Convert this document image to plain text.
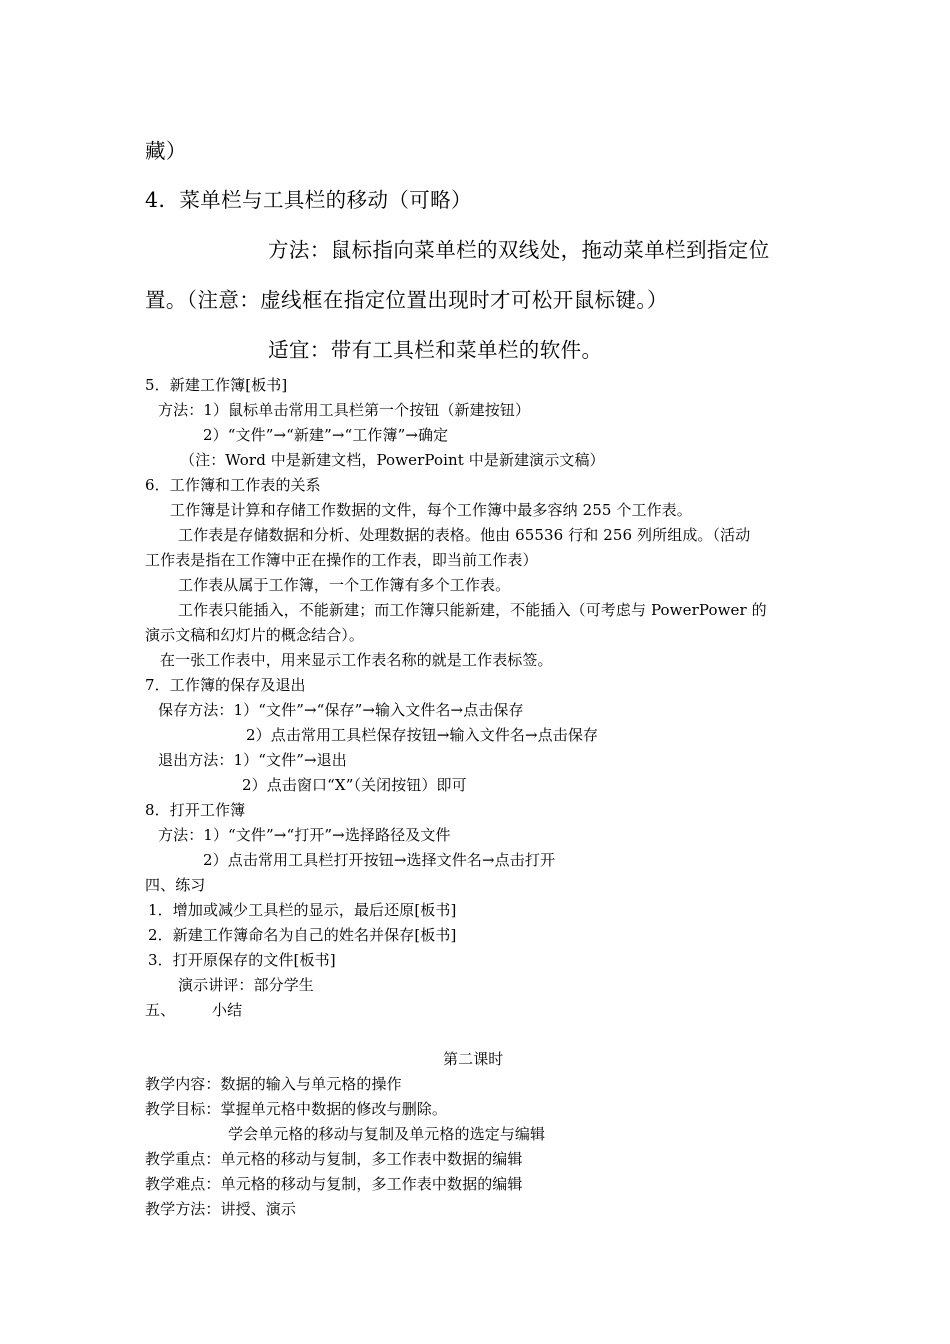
藏）
4．菜单栏与工具栏的移动（可略）
方法：鼠标指向菜单栏的双线处，拖动菜单栏到指定位
置。（注意：虚线框在指定位置出现时才可松开鼠标键。）
适宜：带有工具栏和菜单栏的软件。
5．新建工作簿[板书]
方法：1）鼠标单击常用工具栏第一个按钮（新建按钮）
2）“文件”→“新建”→“工作簿”→确定
（注：Word 中是新建文档，PowerPoint 中是新建演示文稿）
6．工作簿和工作表的关系
工作簿是计算和存储工作数据的文件，每个工作簿中最多容纳 255 个工作表。
工作表是存储数据和分析、处理数据的表格。他由 65536 行和 256 列所组成。（活动
工作表是指在工作簿中正在操作的工作表，即当前工作表）
工作表从属于工作簿，一个工作簿有多个工作表。
工作表只能插入，不能新建；而工作簿只能新建，不能插入（可考虑与 PowerPower 的
演示文稿和幻灯片的概念结合）。
在一张工作表中，用来显示工作表名称的就是工作表标签。
7．工作簿的保存及退出
保存方法：1）“文件”→“保存”→输入文件名→点击保存
2）点击常用工具栏保存按钮→输入文件名→点击保存
退出方法：1）“文件”→退出
2）点击窗口“X”（关闭按钮）即可
8．打开工作簿
方法：1）“文件”→“打开”→选择路径及文件
2）点击常用工具栏打开按钮→选择文件名→点击打开
四、练习
1．增加或减少工具栏的显示，最后还原[板书]
2．新建工作簿命名为自己的姓名并保存[板书]
3．打开原保存的文件[板书]
演示讲评：部分学生
五、 小结
第二课时
教学内容：数据的输入与单元格的操作
教学目标：掌握单元格中数据的修改与删除。
学会单元格的移动与复制及单元格的选定与编辑
教学重点：单元格的移动与复制，多工作表中数据的编辑
教学难点：单元格的移动与复制，多工作表中数据的编辑
教学方法：讲授、演示
